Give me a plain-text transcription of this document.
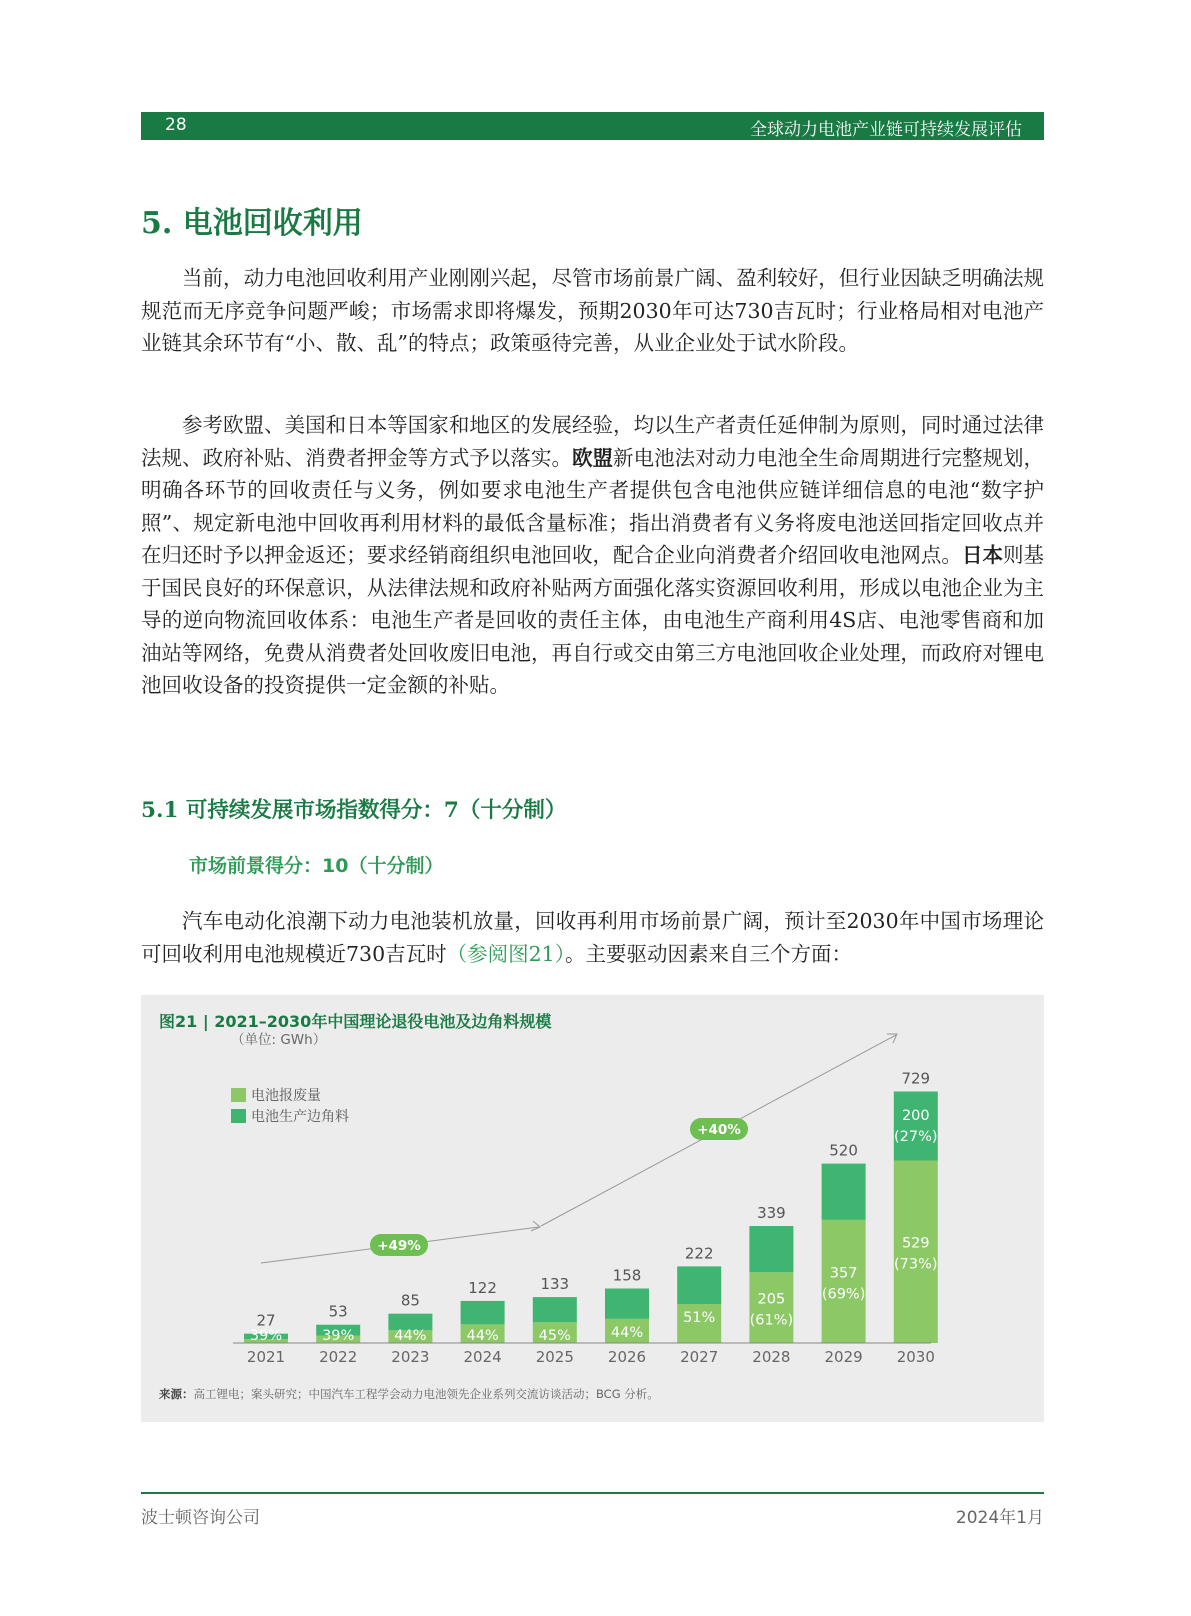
28	全球动力电池产业链可持续发展评估
5. 电池回收利用

当前，动力电池回收利用产业刚刚兴起，尽管市场前景广阔、盈利较好，但行业因缺乏明确法规规范而无序竞争问题严峻；市场需求即将爆发，预期2030年可达730吉瓦时；行业格局相对电池产业链其余环节有“小、散、乱”的特点；政策亟待完善，从业企业处于试水阶段。

参考欧盟、美国和日本等国家和地区的发展经验，均以生产者责任延伸制为原则，同时通过法律法规、政府补贴、消费者押金等方式予以落实。欧盟新电池法对动力电池全生命周期进行完整规划，明确各环节的回收责任与义务，例如要求电池生产者提供包含电池供应链详细信息的电池“数字护照”、规定新电池中回收再利用材料的最低含量标准；指出消费者有义务将废电池送回指定回收点并在归还时予以押金返还；要求经销商组织电池回收，配合企业向消费者介绍回收电池网点。日本则基于国民良好的环保意识，从法律法规和政府补贴两方面强化落实资源回收利用，形成以电池企业为主导的逆向物流回收体系：电池生产者是回收的责任主体，由电池生产商利用4S店、电池零售商和加油站等网络，免费从消费者处回收废旧电池，再自行或交由第三方电池回收企业处理，而政府对锂电池回收设备的投资提供一定金额的补贴。

5.1 可持续发展市场指数得分：7（十分制）
市场前景得分：10（十分制）

汽车电动化浪潮下动力电池装机放量，回收再利用市场前景广阔，预计至2030年中国市场理论可回收利用电池规模近730吉瓦时（参阅图21）。主要驱动因素来自三个方面：

电池报废量
电池生产边角料
（单位: GWh）
+49%
+40%
27
39%
2021
53
39%
2022
85
44%
2023
122
44%
2024
133
45%
2025
158
44%
2026
222
51%
2027
339
205 (61%)
2028
520
357 (69%)
2029
729
529 (73%)
200 (27%)
2030
图21 | 2021–2030年中国理论退役电池及边角料规模
来源：高工锂电；案头研究；中国汽车工程学会动力电池领先企业系列交流访谈活动；BCG 分析。
波士顿咨询公司	2024年1月
